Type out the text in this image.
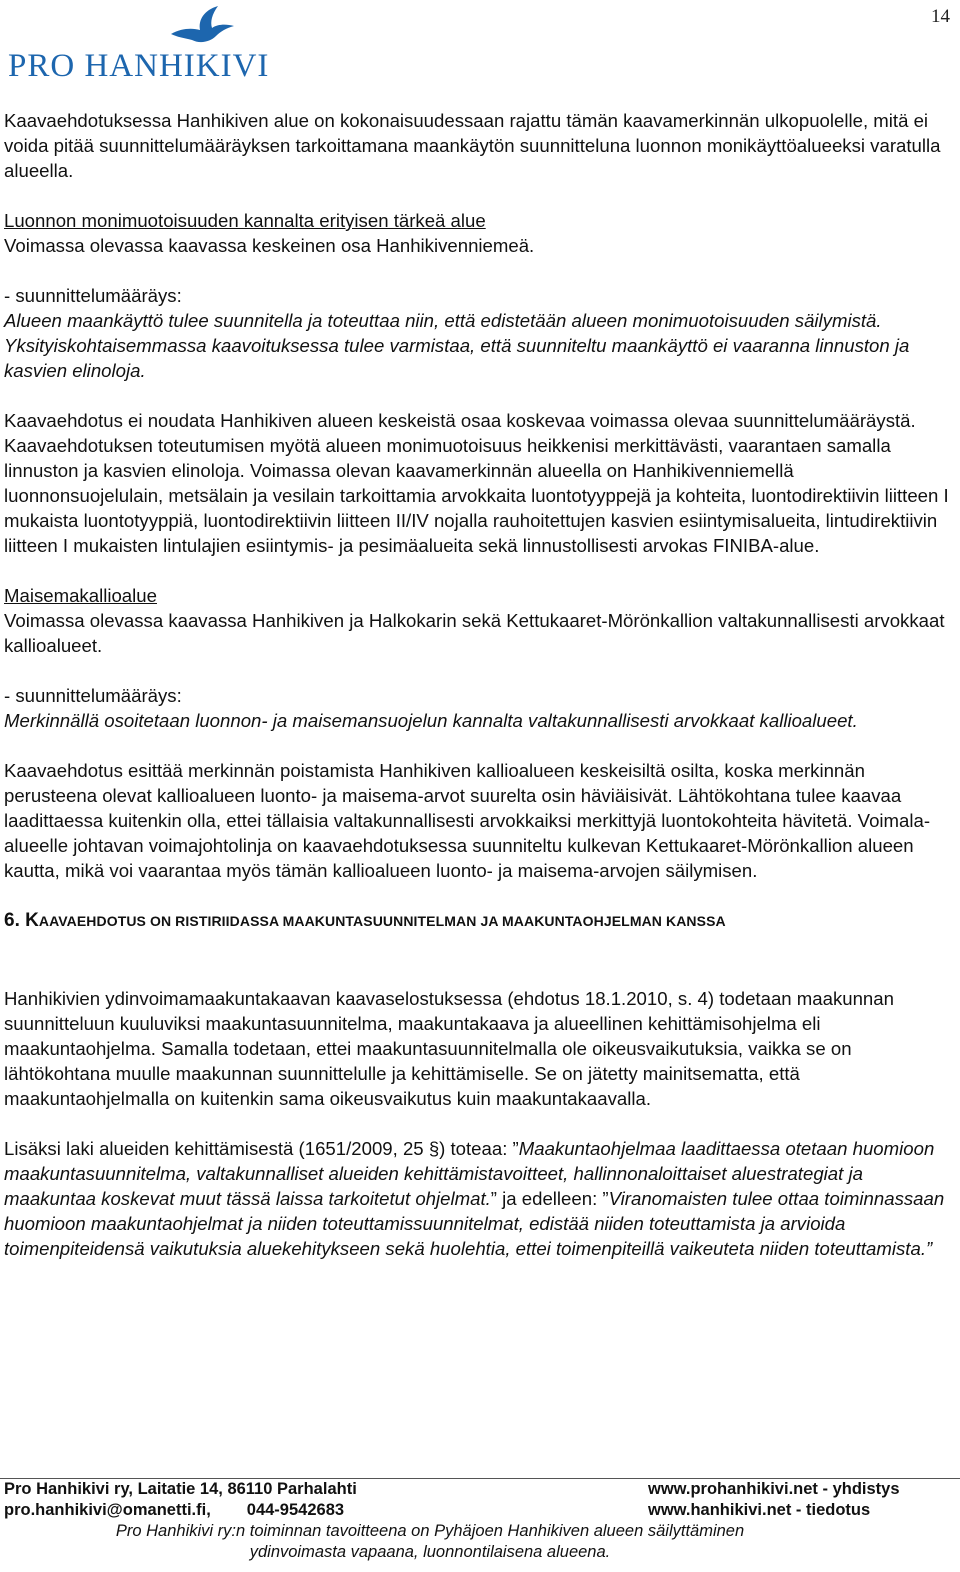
14
PRO HANHIKIVI

Kaavaehdotuksessa Hanhikiven alue on kokonaisuudessaan rajattu tämän kaavamerkinnän ulkopuolelle, mitä ei voida pitää suunnittelumääräyksen tarkoittamana maankäytön suunnitteluna luonnon monikäyttöalueeksi varatulla alueella.

Luonnon monimuotoisuuden kannalta erityisen tärkeä alue
Voimassa olevassa kaavassa keskeinen osa Hanhikivenniemeä.

- suunnittelumääräys:
Alueen maankäyttö tulee suunnitella ja toteuttaa niin, että edistetään alueen monimuotoisuuden säilymistä. Yksityiskohtaisemmassa kaavoituksessa tulee varmistaa, että suunniteltu maankäyttö ei vaaranna linnuston ja kasvien elinoloja.

Kaavaehdotus ei noudata Hanhikiven alueen keskeistä osaa koskevaa voimassa olevaa suunnittelumääräystä. Kaavaehdotuksen toteutumisen myötä alueen monimuotoisuus heikkenisi merkittävästi, vaarantaen samalla linnuston ja kasvien elinoloja. Voimassa olevan kaavamerkinnän alueella on Hanhikivenniemellä luonnonsuojelulain, metsälain ja vesilain tarkoittamia arvokkaita luontotyyppejä ja kohteita, luontodirektiivin liitteen I mukaista luontotyyppiä, luontodirektiivin liitteen II/IV nojalla rauhoitettujen kasvien esiintymisalueita, lintudirektiivin liitteen I mukaisten lintulajien esiintymis- ja pesimäalueita sekä linnustollisesti arvokas FINIBA-alue.

Maisemakallioalue
Voimassa olevassa kaavassa Hanhikiven ja Halkokarin sekä Kettukaaret-Mörönkallion valtakunnallisesti arvokkaat kallioalueet.

- suunnittelumääräys:
Merkinnällä osoitetaan luonnon- ja maisemansuojelun kannalta valtakunnallisesti arvokkaat kallioalueet.

Kaavaehdotus esittää merkinnän poistamista Hanhikiven kallioalueen keskeisiltä osilta, koska merkinnän perusteena olevat kallioalueen luonto- ja maisema-arvot suurelta osin häviäisivät. Lähtökohtana tulee kaavaa laadittaessa kuitenkin olla, ettei tällaisia valtakunnallisesti arvokkaiksi merkittyjä luontokohteita hävitetä. Voimala-alueelle johtavan voimajohtolinja on kaavaehdotuksessa suunniteltu kulkevan Kettukaaret-Mörönkallion alueen kautta, mikä voi vaarantaa myös tämän kallioalueen luonto- ja maisema-arvojen säilymisen.

6. KAAVAEHDOTUS ON RISTIRIIDASSA MAAKUNTASUUNNITELMAN JA MAAKUNTAOHJELMAN KANSSA

Hanhikivien ydinvoimamaakuntakaavan kaavaselostuksessa (ehdotus 18.1.2010, s. 4) todetaan maakunnan suunnitteluun kuuluviksi maakuntasuunnitelma, maakuntakaava ja alueellinen kehittämisohjelma eli maakuntaohjelma. Samalla todetaan, ettei maakuntasuunnitelmalla ole oikeusvaikutuksia, vaikka se on lähtökohtana muulle maakunnan suunnittelulle ja kehittämiselle. Se on jätetty mainitsematta, että maakuntaohjelmalla on kuitenkin sama oikeusvaikutus kuin maakuntakaavalla.

Lisäksi laki alueiden kehittämisestä (1651/2009, 25 §) toteaa: ”Maakuntaohjelmaa laadittaessa otetaan huomioon maakuntasuunnitelma, valtakunnalliset alueiden kehittämistavoitteet, hallinnonaloittaiset aluestrategiat ja maakuntaa koskevat muut tässä laissa tarkoitetut ohjelmat.” ja edelleen: ”Viranomaisten tulee ottaa toiminnassaan huomioon maakuntaohjelmat ja niiden toteuttamissuunnitelmat, edistää niiden toteuttamista ja arvioida toimenpiteidensä vaikutuksia aluekehitykseen sekä huolehtia, ettei toimenpiteillä vaikeuteta niiden toteuttamista.”

Pro Hanhikivi ry, Laitatie 14, 86110 Parhalahti	www.prohanhikivi.net - yhdistys
pro.hanhikivi@omanetti.fi, 044-9542683	www.hanhikivi.net - tiedotus
Pro Hanhikivi ry:n toiminnan tavoitteena on Pyhäjoen Hanhikiven alueen säilyttäminen
ydinvoimasta vapaana, luonnontilaisena alueena.
